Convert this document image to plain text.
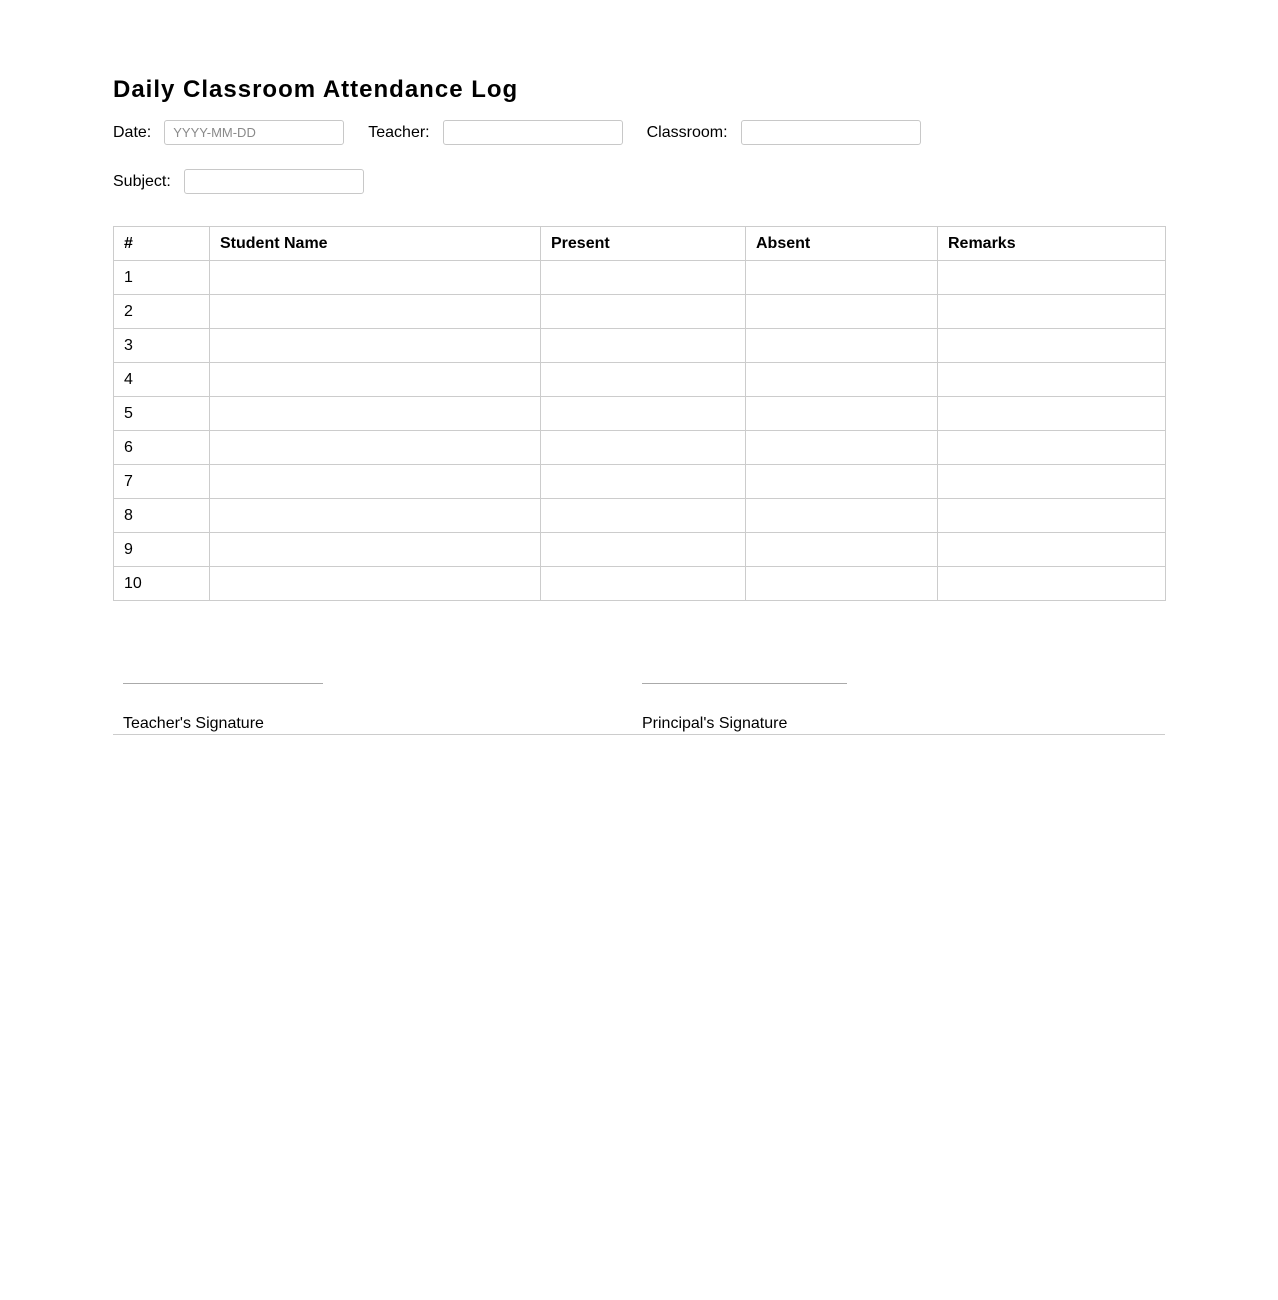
Daily Classroom Attendance Log
Date:
YYYY-MM-DD	Teacher:	Classroom:
Subject:
#	Student Name	Present	Absent	Remarks
1				
2				
3				
4				
5				
6				
7				
8				
9				
10				
Teacher's Signature	Principal's Signature
